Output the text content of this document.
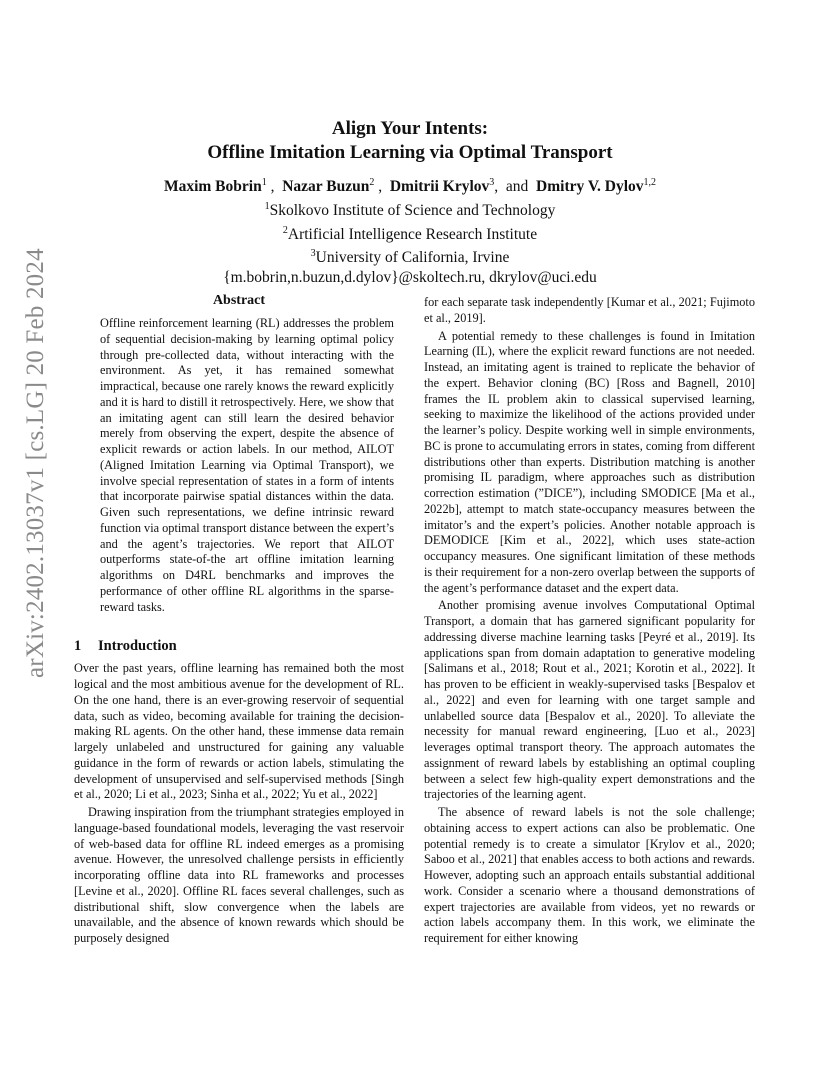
arXiv:2402.13037v1 [cs.LG] 20 Feb 2024
Align Your Intents:
Offline Imitation Learning via Optimal Transport
Maxim Bobrin$^1$ ,  Nazar Buzun$^2$ ,  Dmitrii Krylov$^3$,  and  Dmitry V. Dylov$^{1,2}$
$^1$Skolkovo Institute of Science and Technology
$^2$Artificial Intelligence Research Institute
$^3$University of California, Irvine
{m.bobrin,n.buzun,d.dylov}@skoltech.ru, dkrylov@uci.edu
Abstract

Offline reinforcement learning (RL) addresses the problem of sequential decision-making by learning optimal policy through pre-collected data, without interacting with the environment. As yet, it has remained somewhat impractical, because one rarely knows the reward explicitly and it is hard to distill it retrospectively. Here, we show that an imitating agent can still learn the desired behavior merely from observing the expert, despite the absence of explicit rewards or action labels. In our method, AILOT (Aligned Imitation Learning via Optimal Transport), we involve special representation of states in a form of intents that incorporate pairwise spatial distances within the data. Given such representations, we define intrinsic reward function via optimal transport distance between the expert’s and the agent’s trajectories. We report that AILOT outperforms state-of-the art offline imitation learning algorithms on D4RL benchmarks and improves the performance of other offline RL algorithms in the sparse-reward tasks.

1 Introduction

Over the past years, offline learning has remained both the most logical and the most ambitious avenue for the development of RL. On the one hand, there is an ever-growing reservoir of sequential data, such as video, becoming available for training the decision-making RL agents. On the other hand, these immense data remain largely unlabeled and unstructured for gaining any valuable guidance in the form of rewards or action labels, stimulating the development of unsupervised and self-supervised methods [Singh et al., 2020; Li et al., 2023; Sinha et al., 2022; Yu et al., 2022]

Drawing inspiration from the triumphant strategies employed in language-based foundational models, leveraging the vast reservoir of web-based data for offline RL indeed emerges as a promising avenue. However, the unresolved challenge persists in efficiently incorporating offline data into RL frameworks and processes [Levine et al., 2020]. Offline RL faces several challenges, such as distributional shift, slow convergence when the labels are unavailable, and the absence of known rewards which should be purposely designed

for each separate task independently [Kumar et al., 2021; Fujimoto et al., 2019].

A potential remedy to these challenges is found in Imitation Learning (IL), where the explicit reward functions are not needed. Instead, an imitating agent is trained to replicate the behavior of the expert. Behavior cloning (BC) [Ross and Bagnell, 2010] frames the IL problem akin to classical supervised learning, seeking to maximize the likelihood of the actions provided under the learner’s policy. Despite working well in simple environments, BC is prone to accumulating errors in states, coming from different distributions other than experts. Distribution matching is another promising IL paradigm, where approaches such as distribution correction estimation (”DICE”), including SMODICE [Ma et al., 2022b], attempt to match state-occupancy measures between the imitator’s and the expert’s policies. Another notable approach is DEMODICE [Kim et al., 2022], which uses state-action occupancy measures. One significant limitation of these methods is their requirement for a non-zero overlap between the supports of the agent’s performance dataset and the expert data.

Another promising avenue involves Computational Optimal Transport, a domain that has garnered significant popularity for addressing diverse machine learning tasks [Peyré et al., 2019]. Its applications span from domain adaptation to generative modeling [Salimans et al., 2018; Rout et al., 2021; Korotin et al., 2022]. It has proven to be efficient in weakly-supervised tasks [Bespalov et al., 2022] and even for learning with one target sample and unlabelled source data [Bespalov et al., 2020]. To alleviate the necessity for manual reward engineering, [Luo et al., 2023] leverages optimal transport theory. The approach automates the assignment of reward labels by establishing an optimal coupling between a select few high-quality expert demonstrations and the trajectories of the learning agent.

The absence of reward labels is not the sole challenge; obtaining access to expert actions can also be problematic. One potential remedy is to create a simulator [Krylov et al., 2020; Saboo et al., 2021] that enables access to both actions and rewards. However, adopting such an approach entails substantial additional work. Consider a scenario where a thousand demonstrations of expert trajectories are available from videos, yet no rewards or action labels accompany them. In this work, we eliminate the requirement for either knowing
